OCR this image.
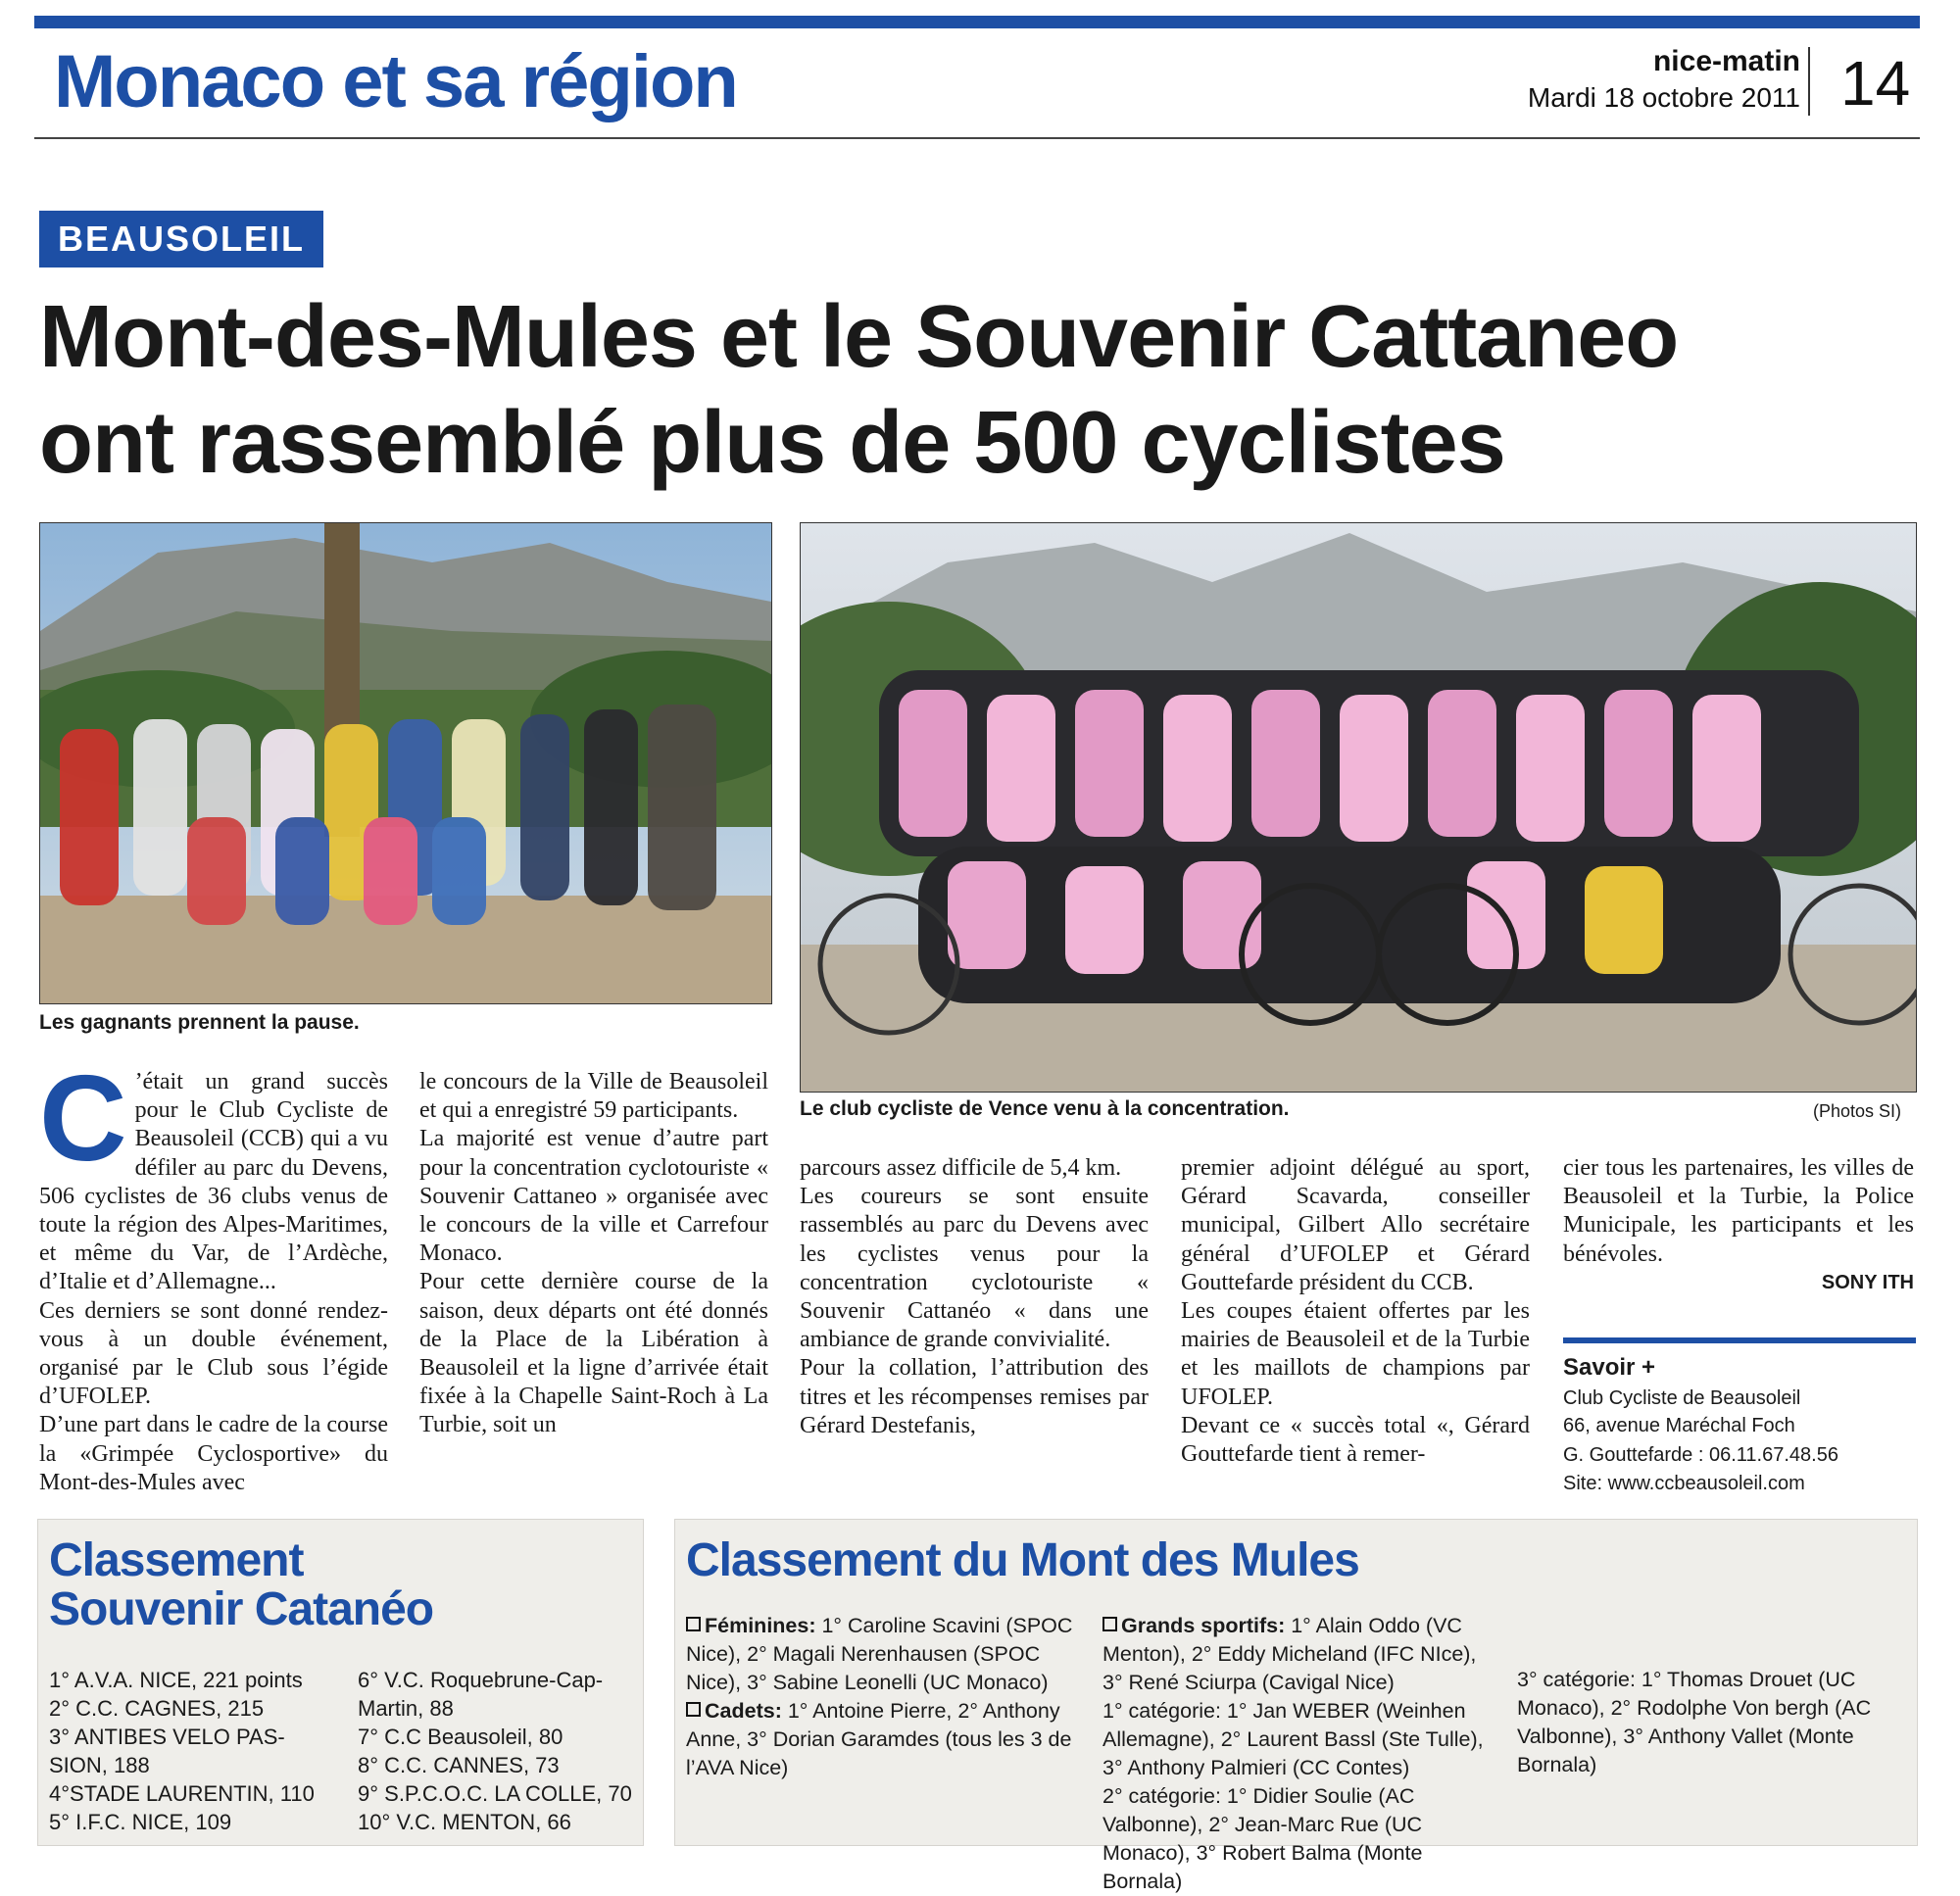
Monaco et sa région	nice-matin
Mardi 18 octobre 2011 14
BEAUSOLEIL
Mont-des-Mules et le Souvenir Cattaneo
ont rassemblé plus de 500 cyclistes
Les gagnants prennent la pause.
Le club cycliste de Vence venu à la concentration.	(Photos SI)
C ’était un grand succès pour le Club Cycliste de Beausoleil (CCB) qui a vu défiler au parc du Devens, 506 cyclistes de 36 clubs venus de toute la région des Alpes-Maritimes, et même du Var, de l’Ardèche, d’Italie et d’Allemagne...

Ces derniers se sont donné rendez-vous à un double événement, organisé par le Club sous l’égide d’UFOLEP.

D’une part dans le cadre de la course la «Grimpée Cyclosportive» du Mont-des-Mules avec

le concours de la Ville de Beausoleil et qui a enregistré 59 participants.

La majorité est venue d’autre part pour la concentration cyclotouriste « Souvenir Cattaneo » organisée avec le concours de la ville et Carrefour Monaco.

Pour cette dernière course de la saison, deux départs ont été donnés de la Place de la Libération à Beausoleil et la ligne d’arrivée était fixée à la Chapelle Saint-Roch à La Turbie, soit un

parcours assez difficile de 5,4 km.

Les coureurs se sont ensuite rassemblés au parc du Devens avec les cyclistes venus pour la concentration cyclotouriste « Souvenir Cattanéo « dans une ambiance de grande convivialité.

Pour la collation, l’attribution des titres et les récompenses remises par Gérard Destefanis,

premier adjoint délégué au sport, Gérard Scavarda, conseiller municipal, Gilbert Allo secrétaire général d’UFOLEP et Gérard Gouttefarde président du CCB.

Les coupes étaient offertes par les mairies de Beausoleil et de la Turbie et les maillots de champions par UFOLEP.

Devant ce « succès total «, Gérard Gouttefarde tient à remer-

cier tous les partenaires, les villes de Beausoleil et la Turbie, la Police Municipale, les participants et les bénévoles.

SONY ITH
Savoir +
Club Cycliste de Beausoleil
66, avenue Maréchal Foch
G. Gouttefarde : 06.11.67.48.56
Site: www.ccbeausoleil.com
Classement
Souvenir Catanéo
1° A.V.A. NICE, 221 points
2° C.C. CAGNES, 215
3° ANTIBES VELO PAS-
SION, 188
4°STADE LAURENTIN, 110
5° I.F.C. NICE, 109
6° V.C. Roquebrune-Cap-
Martin, 88
7° C.C Beausoleil, 80
8° C.C. CANNES, 73
9° S.P.C.O.C. LA COLLE, 70
10° V.C. MENTON, 66
Classement du Mont des Mules

Féminines: 1° Caroline Scavini (SPOC Nice), 2° Magali Nerenhausen (SPOC Nice), 3° Sabine Leonelli (UC Monaco)

Cadets: 1° Antoine Pierre, 2° Anthony Anne, 3° Dorian Garamdes (tous les 3 de l’AVA Nice)

Grands sportifs: 1° Alain Oddo (VC Menton), 2° Eddy Micheland (IFC NIce), 3° René Sciurpa (Cavigal Nice)

1° catégorie: 1° Jan WEBER (Weinhen Allemagne), 2° Laurent Bassl (Ste Tulle), 3° Anthony Palmieri (CC Contes)

2° catégorie: 1° Didier Soulie (AC Valbonne), 2° Jean-Marc Rue (UC Monaco), 3° Robert Balma (Monte Bornala)

3° catégorie: 1° Thomas Drouet (UC Monaco), 2° Rodolphe Von bergh (AC Valbonne), 3° Anthony Vallet (Monte Bornala)
